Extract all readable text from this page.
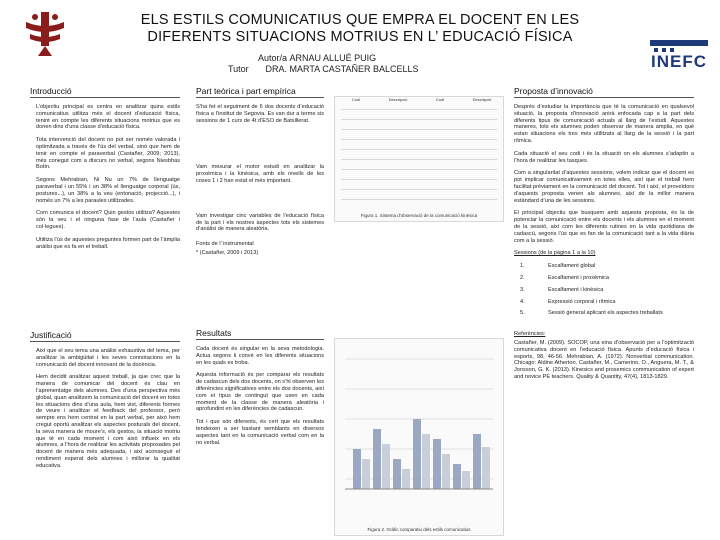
ELS ESTILS COMUNICATIUS QUE EMPRA EL DOCENT EN LES
DIFERENTS SITUACIONS MOTRIUS EN L’ EDUCACIÓ FÍSICA
Autor/a
ARNAU ALLUÉ PUIG
Tutor
	DRA. MARTA CASTAÑER BALCELLS	INEFC
Introducció

L’objectiu principal es centra en analitzar quins estils comunicatius utilitza més el docent d’educació física, tenint en compte les diferents situacions motrius que es donen dins d’una classe d’educació física.

Tota intervenció del docent no pot ser només valorada i optimitzada a través de l’ús del verbal, sinó que hem de tenir en compte el paraverbal (Castañer, 2009; 2013), més conegut com a discurs no verbal, segons Niesbhas Botín.

Segons Mehrabian, Ni Nu un 7% de llenguatge paraverbal i un 55% i un 38% el llenguatge corporal (ús, postures...), un 38% a la veu (entonació, projecció...), i només un 7% a les paraules utilitzades.

Com comunica el docent? Quin gestos utilitza? Aquestes són la veu i el ninguna fase de l’aula (Castañer i col·legues).

Utilitza l’ús de aquestes preguntes formen part de l’àmplia anàlisi que es fa en el treball.

Justificació

Així que el seu tema una anàlisi exhaustiva del tema, per analitzar la ambigüitat i les seves connotacions en la comunicació del docent innovant de la docència.

Hem decidit analitzar aquest treball, ja que crec que la manera de comunicar del docent és clau en l’aprenentatge dels alumnes. Des d’una perspectiva més global, quan analitzem la comunicació del docent en totes les situacions dins d’una aula, hem vist, diferents formes de veure i analitzar el feedback del professor, però sempre ens hem centrat en la part verbal, per això hem cregut oportú analitzar els aspectes posturals del docent, la seva manera de moure’s, els gestos, la situació motriu que té en cada moment i com això influeix en els alumnes, a l’hora de realitzar les activitats proposades pel docent de manera més adequada, i així aconseguir el rendiment esperat dels alumnes i millorar la qualitat educativa.

Part teòrica i part empírica

S’ha fet el seguiment de 6 dos docents d’educació física a l’institut de Segovia. Es van dur a terme sis sessions de 1 curs de 4t d’ESO de Batxillerat.

Vam mesurar el motor estudi en analitzar la proxèmica i la kinèsica, amb els nivells de les coses 1 i 2 han estat el més important.

Vam investigar cinc variables de l’educació física de la part i els nostres aspectes tots els sistemes d’anàlisi de manera aleatòria.

Fonts de l’ instrumental

* (Castañer, 2009 i 2013)

Codi	Descripció	Codi	Descripció
Figura 1. Sistema d’observació de la comunicació kinèsica
Resultats

Cada docent és singular en la seva metodologia. Actua segons li convé en les diferents situacions en les quals es troba.

Aquesta informació és per comparar els resultats de cadascun dels dos docents, on s’hi observen les diferències significatives entre els dos docents, així com el tipus de contingut que usen en cada moment de la classe de manera aleatòria i aprofundint en les diferències de cadascun.

Tot i que són diferents, és cert que els resultats tendeixen a ser bastant semblants en diversos aspectes tant en la comunicació verbal com en la no verbal.

Figura 2. Gràfic comparatiu dels estils comunicatius
Proposta d’innovació

Després d’estudiar la importància que té la comunicació en qualsevol situació, la proposta d’innovació anirà enfocada cap a la part dels diferents tipus de comunicació actuals al llarg de l’estudi. Aquestes maneres, tots els alumnes poden observar de manera amplia, en què estan situacions els tres més utilitzats al llarg de la sessió i la part rítmica.

Cada situació el seu codi i és la situació on els alumnes s’adaptin a l’hora de realitzar les tasques.

Com a singularitat d’aquestes sessions, volem indicar que el docent es pot implicar comunicativament en totes elles, així que el treball hem facilitat prèviament en la comunicació del docent. Tot i així, el proveïdors d’aquests proposta venen als alumnes, així de la millor manera estàndard d’una de les sessions.

El principal objectiu que busquem amb aquesta proposta, és la de potenciar la comunicació entre els docents i els alumnes en el moment de la sessió, així com les diferents rutines en la vida quotidiana de cadascú, segons l’ús que es fan de la comunicació tant a la vida diària com a la sessió.

Sessions (de la pàgina 1 a la 10)

1.	Escalfament global
2.	Escalfament i proxèmica
3.	Escalfament i kinèsica
4.	Expressió corporal i rítmica
5.	Sessió general aplicant els aspectes treballats

Referències:

Castañer, M. (2009). SOCOP, una eina d’observació per a l’optimització comunicativa docent en l’educació física. Apunts d’educació física i esports, 98, 46-56. Mehrabian, A. (1972). Nonverbal communication. Chicago: Aldine Atherton. Castañer, M., Camerino, O., Anguera, M. T., & Jonsson, G. K. (2013). Kinesics and proxemics communication of expert and novice PE teachers. Quality & Quantity, 47(4), 1813-1829.
